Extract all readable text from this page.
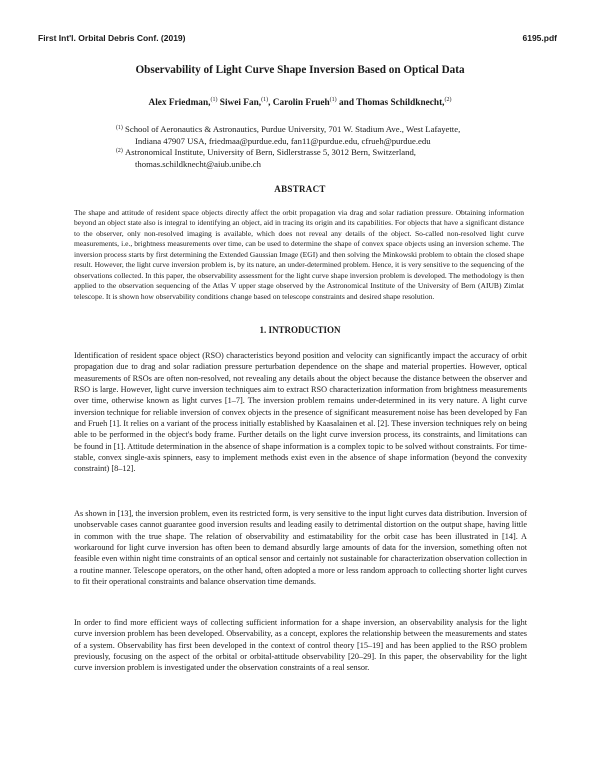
First Int'l. Orbital Debris Conf. (2019)	6195.pdf
Observability of Light Curve Shape Inversion Based on Optical Data
Alex Friedman,$^{(1)}$ Siwei Fan,$^{(1)}$, Carolin Frueh$^{(1)}$ and Thomas Schildknecht,$^{(2)}$
(1) School of Aeronautics & Astronautics, Purdue University, 701 W. Stadium Ave., West Lafayette,
Indiana 47907 USA, friedmaa@purdue.edu, fan11@purdue.edu, cfrueh@purdue.edu
(2) Astronomical Institute, University of Bern, Sidlerstrasse 5, 3012 Bern, Switzerland,
thomas.schildknecht@aiub.unibe.ch
ABSTRACT
The shape and attitude of resident space objects directly affect the orbit propagation via drag and solar radiation pressure. Obtaining information beyond an object state also is integral to identifying an object, aid in tracing its origin and its capabilities. For objects that have a significant distance to the observer, only non-resolved imaging is available, which does not reveal any details of the object. So-called non-resolved light curve measurements, i.e., brightness measurements over time, can be used to determine the shape of convex space objects using an inversion scheme. The inversion process starts by first determining the Extended Gaussian Image (EGI) and then solving the Minkowski problem to obtain the closed shape result. However, the light curve inversion problem is, by its nature, an under-determined problem. Hence, it is very sensitive to the sequencing of the observations collected. In this paper, the observability assessment for the light curve shape inversion problem is developed. The methodology is then applied to the observation sequencing of the Atlas V upper stage observed by the Astronomical Institute of the University of Bern (AIUB) Zimlat telescope. It is shown how observability conditions change based on telescope constraints and desired shape resolution.
1. INTRODUCTION

Identification of resident space object (RSO) characteristics beyond position and velocity can significantly impact the accuracy of orbit propagation due to drag and solar radiation pressure perturbation dependence on the shape and material properties. However, optical measurements of RSOs are often non-resolved, not revealing any details about the object because the distance between the observer and RSO is large. However, light curve inversion techniques aim to extract RSO characterization information from brightness measurements over time, otherwise known as light curves [1–7]. The inversion problem remains under-determined in its very nature. A light curve inversion technique for reliable inversion of convex objects in the presence of significant measurement noise has been developed by Fan and Frueh [1]. It relies on a variant of the process initially established by Kaasalainen et al. [2]. These inversion techniques rely on being able to be performed in the object's body frame. Further details on the light curve inversion process, its constraints, and limitations can be found in [1]. Attitude determination in the absence of shape information is a complex topic to be solved without constraints. For time-stable, convex single-axis spinners, easy to implement methods exist even in the absence of shape information (beyond the convexity constraint) [8–12].

As shown in [13], the inversion problem, even its restricted form, is very sensitive to the input light curves data distribution. Inversion of unobservable cases cannot guarantee good inversion results and leading easily to detrimental distortion on the output shape, having little in common with the true shape. The relation of observability and estimatability for the orbit case has been illustrated in [14]. A workaround for light curve inversion has often been to demand absurdly large amounts of data for the inversion, something often not feasible even within night time constraints of an optical sensor and certainly not sustainable for characterization observation collection in a routine manner. Telescope operators, on the other hand, often adopted a more or less random approach to collecting shorter light curves to fit their operational constraints and balance observation time demands.

In order to find more efficient ways of collecting sufficient information for a shape inversion, an observability analysis for the light curve inversion problem has been developed. Observability, as a concept, explores the relationship between the measurements and states of a system. Observability has first been developed in the context of control theory [15–19] and has been applied to the RSO problem previously, focusing on the aspect of the orbital or orbital-attitude observability [20–29]. In this paper, the observability for the light curve inversion problem is investigated under the observation constraints of a real sensor.
